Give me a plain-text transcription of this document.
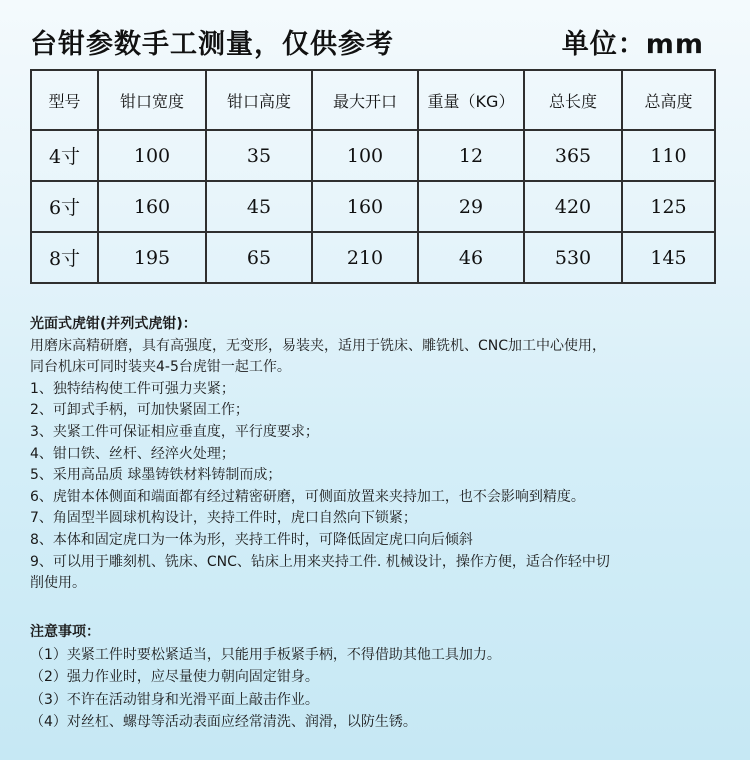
台钳参数手工测量，仅供参考	单位：mm
型号	钳口宽度	钳口高度	最大开口	重量（KG）	总长度	总高度
4寸	100	35	100	12	365	110
6寸	160	45	160	29	420	125
8寸	195	65	210	46	530	145
光面式虎钳(并列式虎钳)：
用磨床高精研磨，具有高强度，无变形，易装夹，适用于铣床、雕铣机、CNC加工中心使用，
同台机床可同时装夹4-5台虎钳一起工作。
1、独特结构使工件可强力夹紧；
2、可卸式手柄，可加快紧固工作；
3、夹紧工件可保证相应垂直度，平行度要求；
4、钳口铁、丝杆、经淬火处理；
5、采用高品质 球墨铸铁材料铸制而成；
6、虎钳本体侧面和端面都有经过精密研磨，可侧面放置来夹持加工，也不会影响到精度。
7、角固型半圆球机构设计，夹持工件时，虎口自然向下锁紧；
8、本体和固定虎口为一体为形，夹持工件时，可降低固定虎口向后倾斜
9、可以用于雕刻机、铣床、CNC、钻床上用来夹持工件. 机械设计，操作方便，适合作轻中切
削使用。
注意事项：
（1）夹紧工件时要松紧适当，只能用手板紧手柄，不得借助其他工具加力。
（2）强力作业时，应尽量使力朝向固定钳身。
（3）不许在活动钳身和光滑平面上敲击作业。
（4）对丝杠、螺母等活动表面应经常清洗、润滑，以防生锈。
